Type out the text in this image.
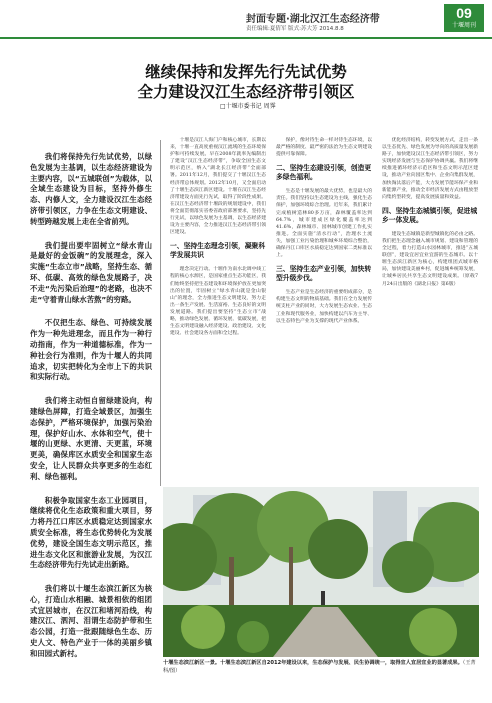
封面专题·湖北汉江生态经济带
责任编辑:夏倩军 版式:苏大芳 2014.8.8
09
十堰周刊
继续保持和发挥先行先试优势
全力建设汉江生态经济带引领区
□十堰市委书记 周霁

我们将保持先行先试优势，以绿色发展为主基调，以生态经济建设为主要内容，以“五城联创”为载体，以全域生态建设为目标，坚持外修生态、内修人文，全力建设汉江生态经济带引领区，力争在生态文明建设、转型跨越发展上走在全省前列。

我们提出要牢固树立“绿水青山是最好的金饭碗”的发展理念，深入实施“生态立市”战略，坚持生态、循环、低碳、高效的绿色发展路子，决不走“先污染后治理”的老路，也决不走“守着青山绿水苦熬”的穷路。

不仅把生态、绿色、可持续发展作为一种先进理念，而且作为一种行动指南，作为一种道德标准，作为一种社会行为准则，作为十堰人的共同追求，切实把转化为全市上下的共识和实际行动。

我们将主动恒自留绿建设向，构建绿色屏障，打造全域景区，加强生态保护，严格环境保护，加强污染治理，保护好山水、水体和空气，使十堰的山更绿、水更清、天更蓝，环境更美，确保库区水质安全和国家生态安全，让人民群众共享更多的生态红利、绿色福利。

积极争取国家生态工业园项目，继续将优化生态政策和重大项目，努力将丹江口库区水质稳定达到国家水质安全标准，将生态优势转化为发展优势，建设全国生态文明示范区，推进生态文化区和旅游业发展，为汉江生态经济带先行先试走出新路。

我们将以十堰生态滨江新区为核心，打造山水相融、城景相依的组团式宜居城市，在汉江和堵河沿线，构建汉江、泗河、泪谓生态防护带和生态公园，打造一批跟随绿色生态、历史人文、特色产业于一体的美丽乡镇和田园式新村。

十堰是汉江人海门户和核心城市，长期以来，十堰一直高度重视汉江流域的生态环境保护和可持续发展。早在2008年就率先编制出了建设“汉江生态经济带”，争取全国生态文明示范区，纳入“湖北长江经济带”全面部署。2011年12月，我们提交了十堰汉江生态经济带总体规划。2012年10月，又全面启动了十堰生态滨江新区建设。十堰在汉江生态经济带建设方面先行先试，取得了阶段性成果。在汉江生态经济带十堰段的规划建设中，我们将全面贯彻落实省委省政府部署要求，坚持先行先试，以绿色发展为主基调，以生态经济建设为主要内容，全力推进汉江生态经济带引领区建设。

一、坚持生态理念引领，凝聚科学发展共识

理念决定行动。十堰作为南水北调中线工程的核心水源区，是国家重点生态功能区，我们始终坚持把生态建设和环境保护放在更加突出的位置，牢固树立“绿水青山就是金山银山”的理念，全力推进生态文明建设，努力走出一条生产发展、生活富裕、生态良好的文明发展道路。我们提出要坚持“生态立市”战略，推动绿色发展、循环发展、低碳发展，把生态文明建设融入经济建设、政治建设、文化建设、社会建设各方面和全过程。

保护，像对待生命一样对待生态环境，以最严格的制度、最严密的法治为生态文明建设提供可靠保障。

二、坚持生态建设引领，创造更多绿色福利。

生态是十堰发展的最大优势，也是最大的责任。我们坚持以生态建设为主线，强化生态保护，加强环境综合治理。近年来，我们累计完成植树造林80多万亩，森林覆盖率达到64.7%，城市建成区绿化覆盖率达到41.6%，森林城市、园林城市创建工作扎实推进。全面实施“清水行动”，治理水土流失，加强工业污染治理和城乡环境综合整治，确保丹江口库区水质稳定达到国家二类标准以上。

三、坚持生态产业引领，加快转型升级步伐。

生态产业是生态经济的重要组成部分，是构建生态文明的物质基础。我们在全力发展传统支柱产业的同时，大力发展生态农业、生态工业和现代服务业，加快构建以汽车为主导、以生态特色产业为支撑的现代产业体系。

优化经济结构，转变发展方式，走出一条以生态优先、绿色发展为导向的高质量发展新路子，加快建设汉江生态经济带引领区，努力实现经济发展与生态保护协调共赢。我们将继续推进循环经济示范区和生态文明示范区建设，推动产业向园区集中、企业向集群发展，加快淘汰落后产能，大力发展节能环保产业和新能源产业，推动全市经济发展方式由粗放型向集约型转变，提高发展质量和效益。

四、坚持生态城镇引领，促进城乡一体发展。

建设生态城镇是新型城镇化的必由之路。我们把生态理念融入城市规划、建设和管理的全过程，着力打造山水园林城市，推进“五城联创”，建设宜居宜业宜游的生态城市。以十堰生态滨江新区为核心，构建组团式城市格局，加快建设美丽乡村，促进城乡统筹发展，让城乡居民共享生态文明建设成果。（原载7月24日出版的《湖北日报》第6版）

十堰生态滨江新区一景。十堰生态滨江新区自2012年建设以来，生态保护与发展、民生协调统一，取得宜人宜居宜业的显著成果。（王菁科/图）
